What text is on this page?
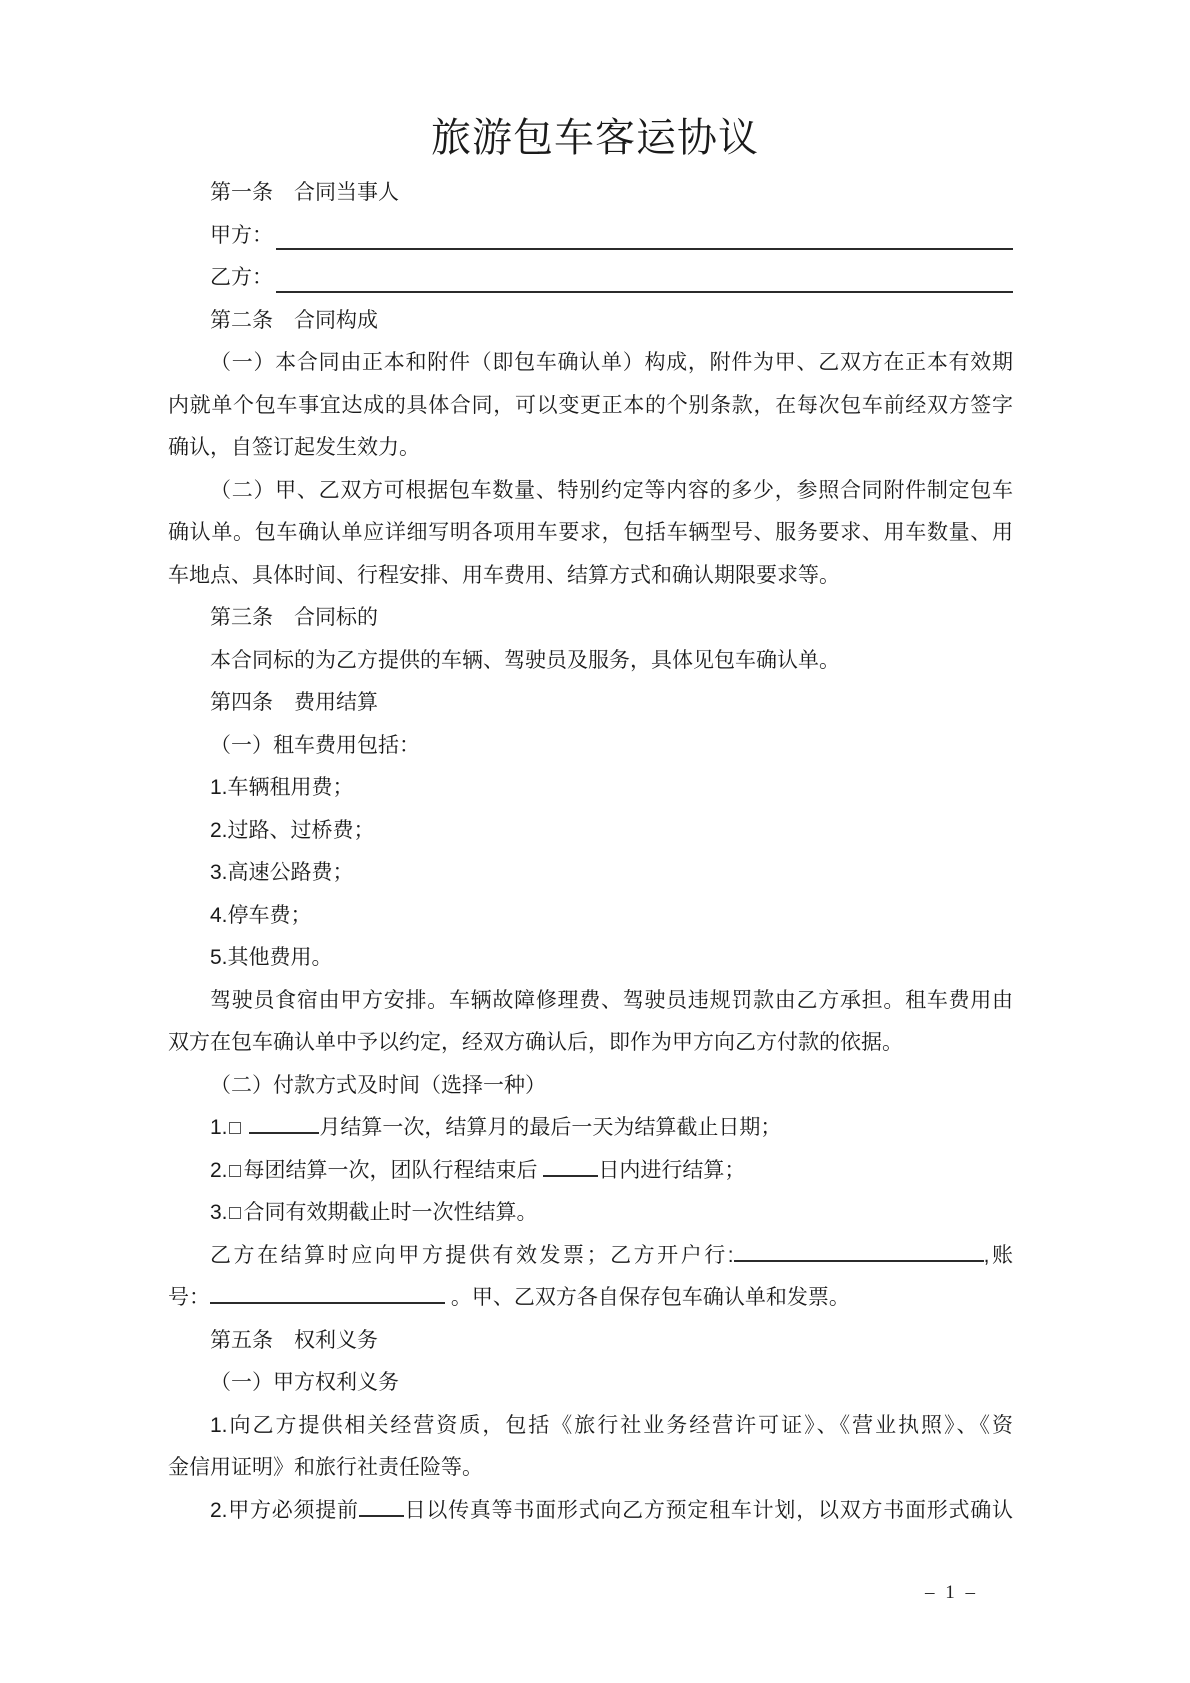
旅游包车客运协议
第一条　合同当事人
甲方：
乙方：
第二条　合同构成
（一）本合同由正本和附件（即包车确认单）构成，附件为甲、乙双方在正本有效期
内就单个包车事宜达成的具体合同，可以变更正本的个别条款，在每次包车前经双方签字
确认，自签订起发生效力。
（二）甲、乙双方可根据包车数量、特别约定等内容的多少，参照合同附件制定包车
确认单。包车确认单应详细写明各项用车要求，包括车辆型号、服务要求、用车数量、用
车地点、具体时间、行程安排、用车费用、结算方式和确认期限要求等。
第三条　合同标的
本合同标的为乙方提供的车辆、驾驶员及服务，具体见包车确认单。
第四条　费用结算
（一）租车费用包括：
1.车辆租用费；
2.过路、过桥费；
3.高速公路费；
4.停车费；
5.其他费用。
驾驶员食宿由甲方安排。车辆故障修理费、驾驶员违规罚款由乙方承担。租车费用由
双方在包车确认单中予以约定，经双方确认后，即作为甲方向乙方付款的依据。
（二）付款方式及时间（选择一种）
1.	月结算一次，结算月的最后一天为结算截止日期；
2. 每团结算一次，团队行程结束后	日内进行结算；
3. 合同有效期截止时一次性结算。
乙方在结算时应向甲方提供有效发票；乙方开户行:	,账
号：	。甲、乙双方各自保存包车确认单和发票。
第五条　权利义务
（一）甲方权利义务
1.向乙方提供相关经营资质，包括《旅行社业务经营许可证》、《营业执照》、《资
金信用证明》和旅行社责任险等。
2.甲方必须提前 日以传真等书面形式向乙方预定租车计划，以双方书面形式确认
– 1 –
